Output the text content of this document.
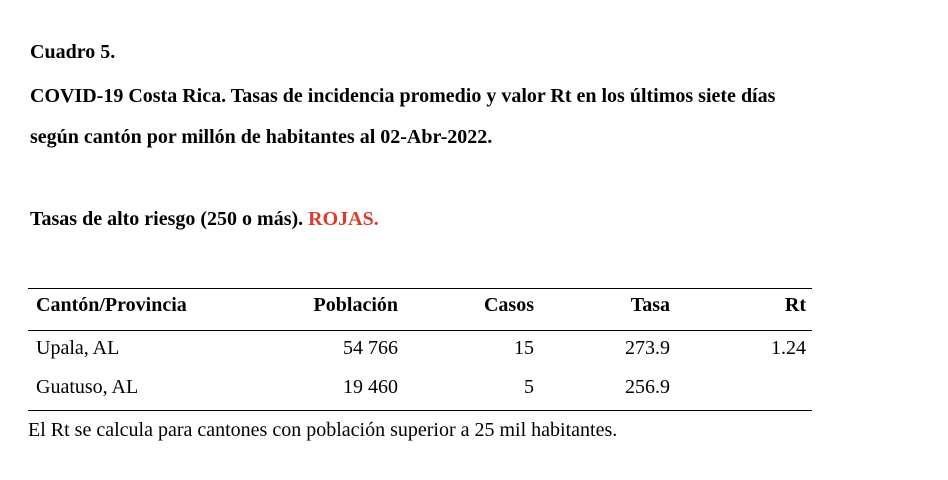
Cuadro 5.
COVID-19 Costa Rica. Tasas de incidencia promedio y valor Rt en los últimos siete días
según cantón por millón de habitantes al 02-Abr-2022.
Tasas de alto riesgo (250 o más). ROJAS.
Cantón/Provincia	Población	Casos	Tasa	Rt
Upala, AL	54 766	15	273.9	1.24
Guatuso, AL	19 460	5	256.9
El Rt se calcula para cantones con población superior a 25 mil habitantes.
